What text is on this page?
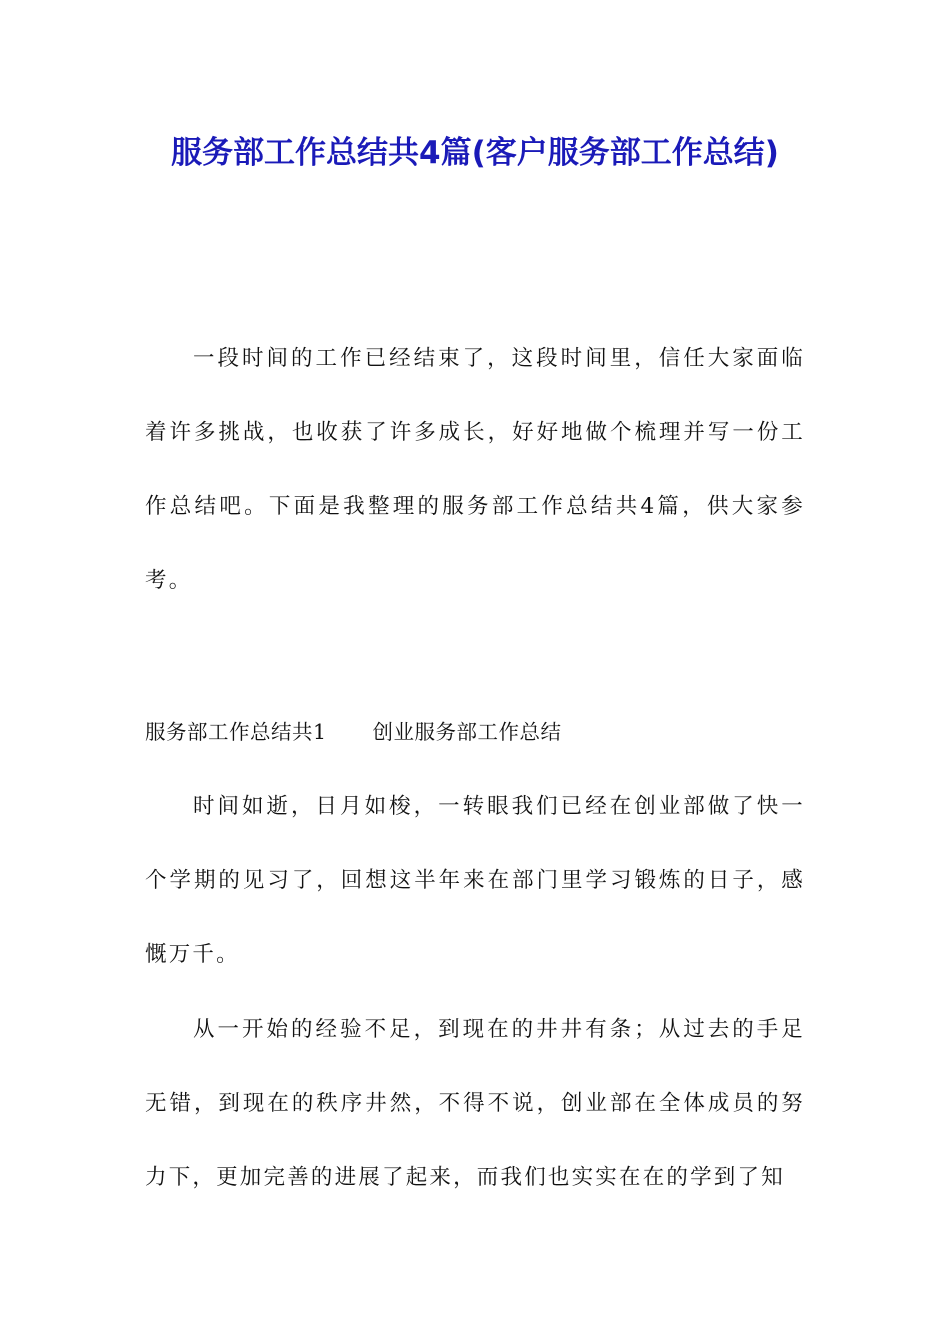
服务部工作总结共4篇(客户服务部工作总结)

一段时间的工作已经结束了，这段时间里，信任大家面临着许多挑战，也收获了许多成长，好好地做个梳理并写一份工作总结吧。下面是我整理的服务部工作总结共4篇，供大家参考。

服务部工作总结共1 创业服务部工作总结

时间如逝，日月如梭，一转眼我们已经在创业部做了快一个学期的见习了，回想这半年来在部门里学习锻炼的日子，感慨万千。

从一开始的经验不足，到现在的井井有条；从过去的手足无错，到现在的秩序井然，不得不说，创业部在全体成员的努力下，更加完善的进展了起来，而我们也实实在在的学到了知
